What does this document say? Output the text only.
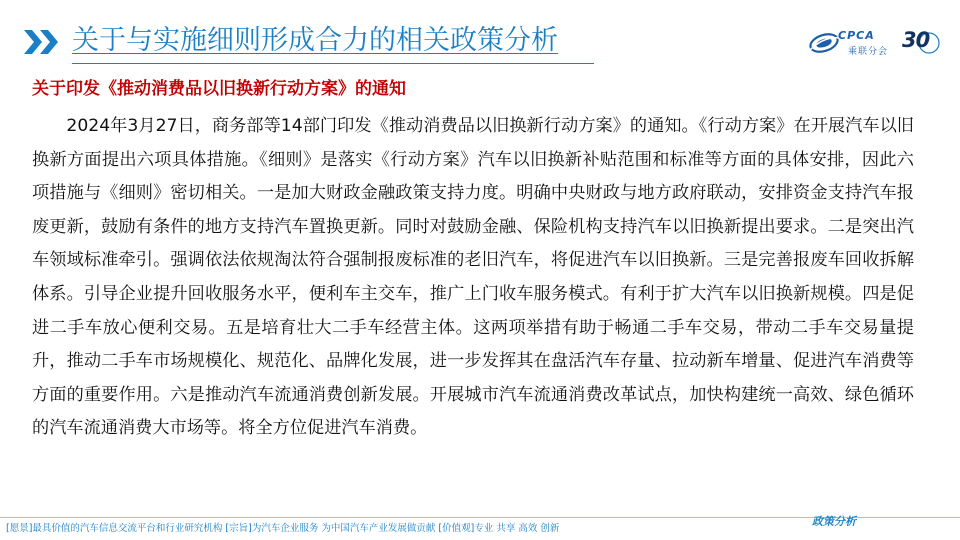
关于与实施细则形成合力的相关政策分析	CPCA
乘联分会 30
关于印发《推动消费品以旧换新行动方案》的通知

2024年3月27日，商务部等14部门印发《推动消费品以旧换新行动方案》的通知。《行动方案》在开展汽车以旧换新方面提出六项具体措施。《细则》是落实《行动方案》汽车以旧换新补贴范围和标准等方面的具体安排，因此六项措施与《细则》密切相关。一是加大财政金融政策支持力度。明确中央财政与地方政府联动，安排资金支持汽车报废更新，鼓励有条件的地方支持汽车置换更新。同时对鼓励金融、保险机构支持汽车以旧换新提出要求。二是突出汽车领域标准牵引。强调依法依规淘汰符合强制报废标准的老旧汽车，将促进汽车以旧换新。三是完善报废车回收拆解体系。引导企业提升回收服务水平，便利车主交车，推广上门收车服务模式。有利于扩大汽车以旧换新规模。四是促进二手车放心便利交易。五是培育壮大二手车经营主体。这两项举措有助于畅通二手车交易，带动二手车交易量提升，推动二手车市场规模化、规范化、品牌化发展，进一步发挥其在盘活汽车存量、拉动新车增量、促进汽车消费等方面的重要作用。六是推动汽车流通消费创新发展。开展城市汽车流通消费改革试点，加快构建统一高效、绿色循环的汽车流通消费大市场等。将全方位促进汽车消费。

[愿景]最具价值的汽车信息交流平台和行业研究机构 [宗旨]为汽车企业服务 为中国汽车产业发展做贡献 [价值观]专业 共享 高效 创新
政策分析
